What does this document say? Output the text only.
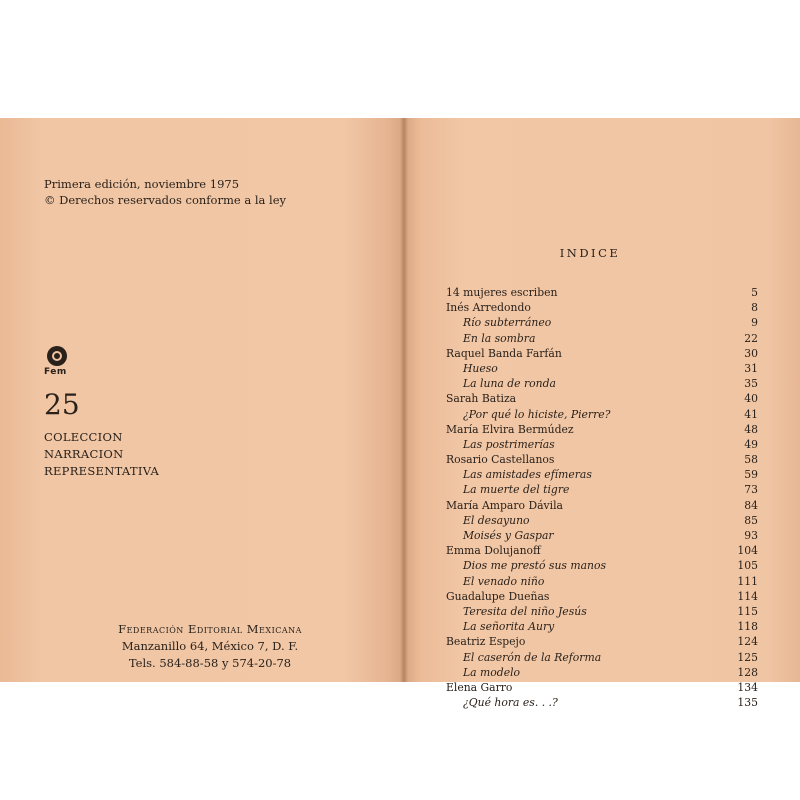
Primera edición, noviembre 1975
© Derechos reservados conforme a la ley
Fem
25
COLECCION
NARRACION
REPRESENTATIVA
Federación Editorial Mexicana
Manzanillo 64, México 7, D. F.
Tels. 584-88-58 y 574-20-78
INDICE
14 mujeres escriben	5
Inés Arredondo	8
Río subterráneo	9
En la sombra	22
Raquel Banda Farfán	30
Hueso	31
La luna de ronda	35
Sarah Batiza	40
¿Por qué lo hiciste, Pierre?	41
María Elvira Bermúdez	48
Las postrimerías	49
Rosario Castellanos	58
Las amistades efímeras	59
La muerte del tigre	73
María Amparo Dávila	84
El desayuno	85
Moisés y Gaspar	93
Emma Dolujanoff	104
Dios me prestó sus manos	105
El venado niño	111
Guadalupe Dueñas	114
Teresita del niño Jesús	115
La señorita Aury	118
Beatriz Espejo	124
El caserón de la Reforma	125
La modelo	128
Elena Garro	134
¿Qué hora es. . .?	135
